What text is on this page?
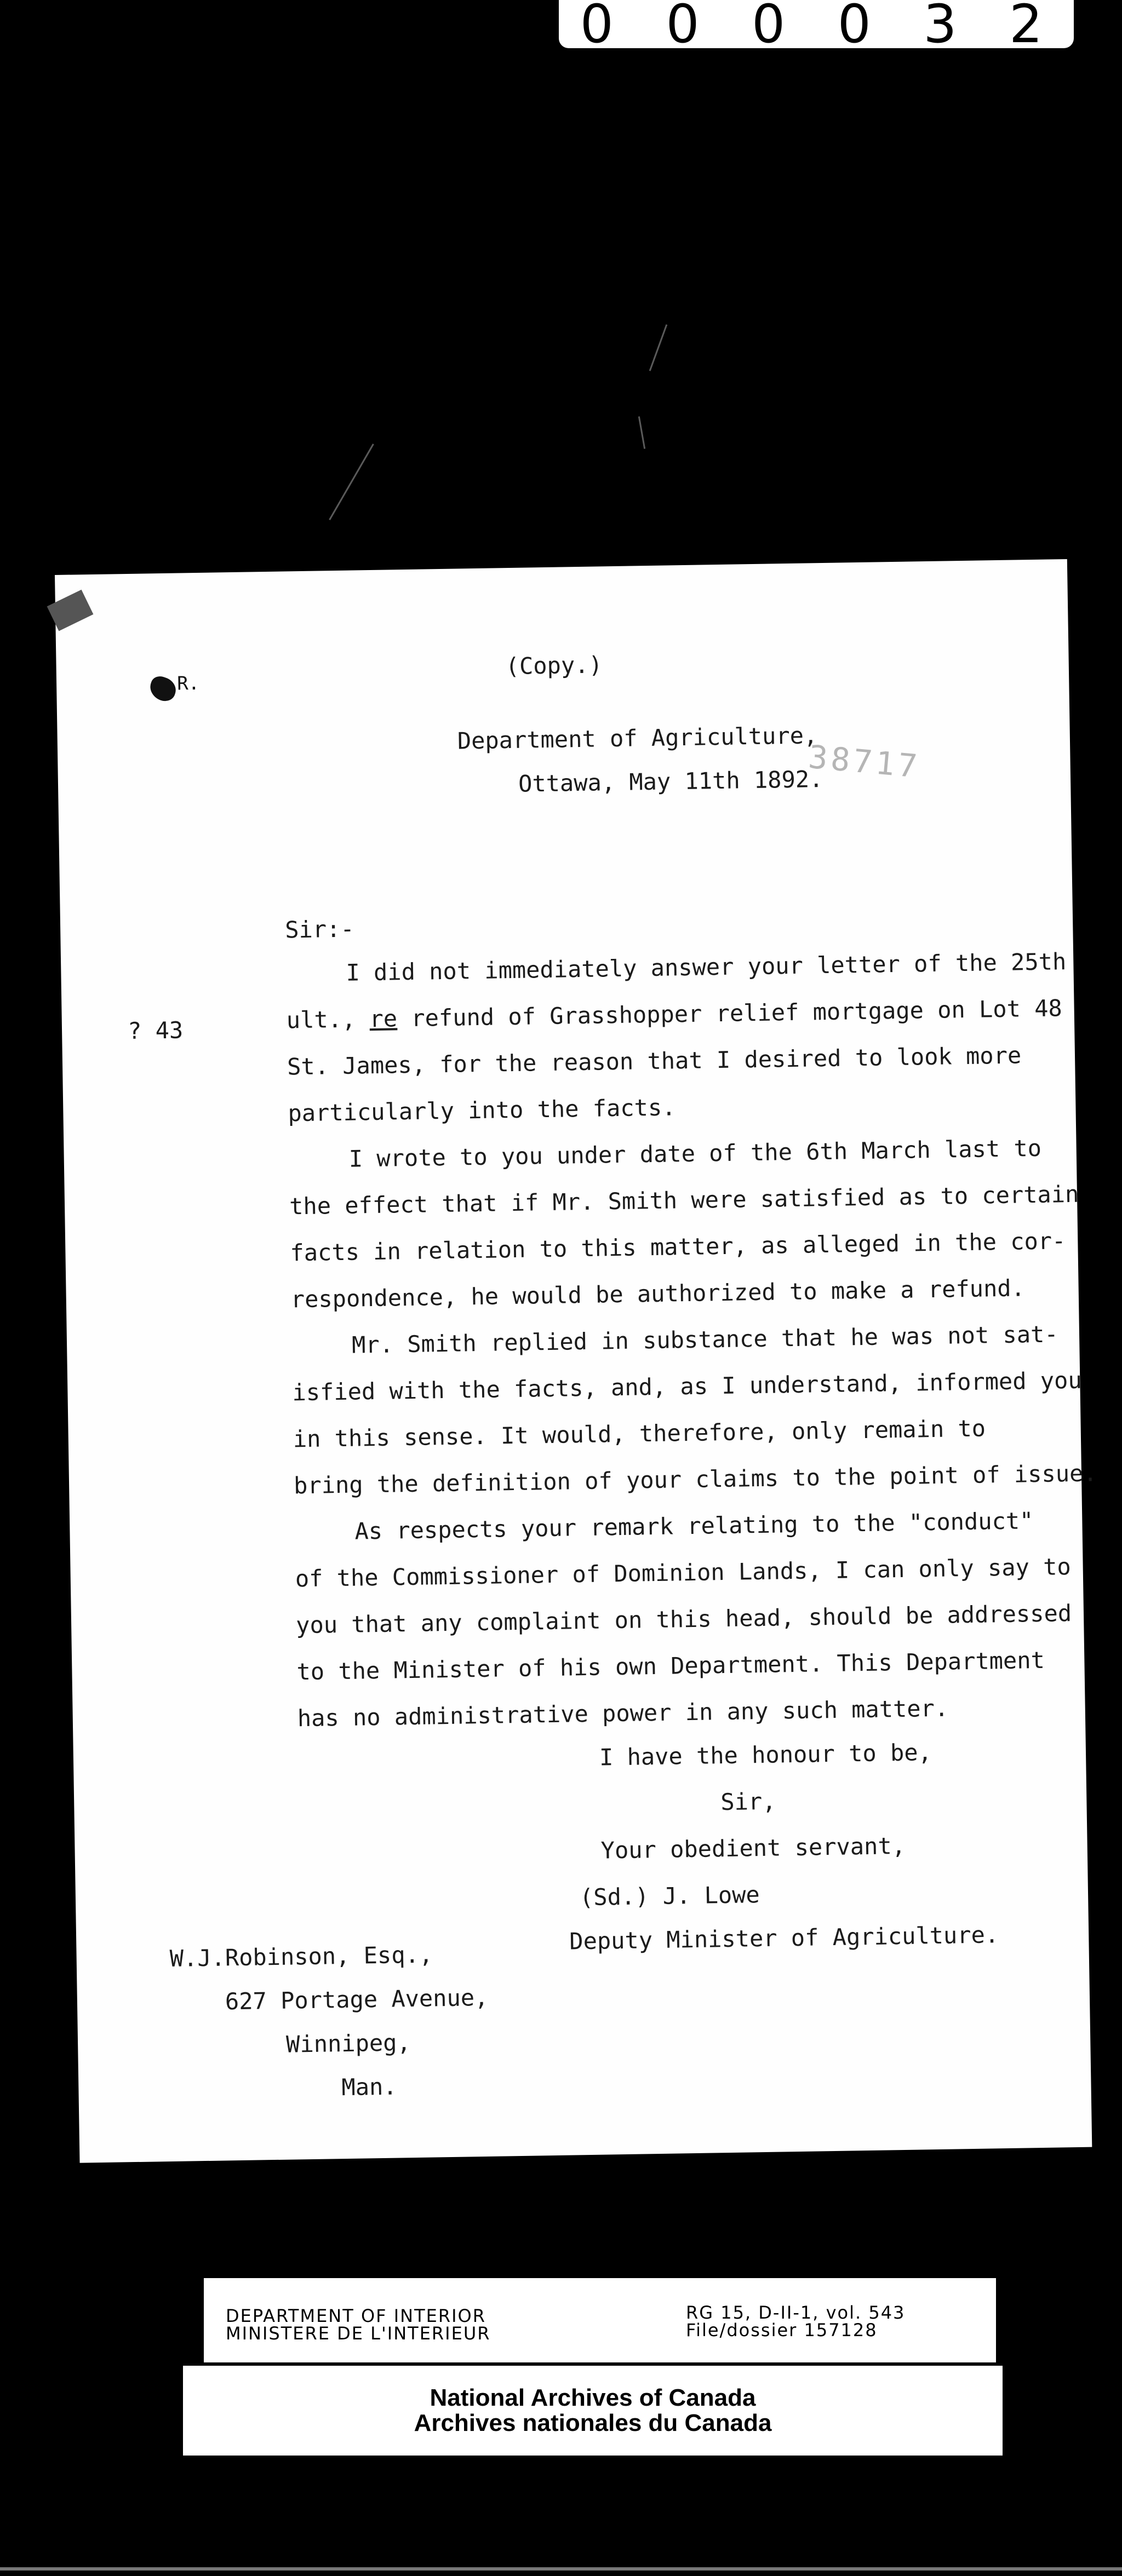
0 0 0 0 3 2
R.
(Copy.)
Department of Agriculture,
Ottawa, May 11th 1892.
38717
? 43
Sir:-

I did not immediately answer your letter of the 25th

ult., re refund of Grasshopper relief mortgage on Lot 48

St. James, for the reason that I desired to look more

particularly into the facts.

I wrote to you under date of the 6th March last to

the effect that if Mr. Smith were satisfied as to certain

facts in relation to this matter, as alleged in the cor-

respondence, he would be authorized to make a refund.

Mr. Smith replied in substance that he was not sat-

isfied with the facts, and, as I understand, informed you

in this sense. It would, therefore, only remain to

bring the definition of your claims to the point of issue.

As respects your remark relating to the "conduct"

of the Commissioner of Dominion Lands, I can only say to

you that any complaint on this head, should be addressed

to the Minister of his own Department. This Department

has no administrative power in any such matter.

I have the honour to be,
Sir,
Your obedient servant,
(Sd.) J. Lowe
Deputy Minister of Agriculture.
W.J.Robinson, Esq.,
627 Portage Avenue,
Winnipeg,
Man.
DEPARTMENT OF INTERIOR
MINISTERE DE L'INTERIEUR
RG 15, D-II-1, vol. 543
File/dossier 157128
National Archives of Canada
Archives nationales du Canada
